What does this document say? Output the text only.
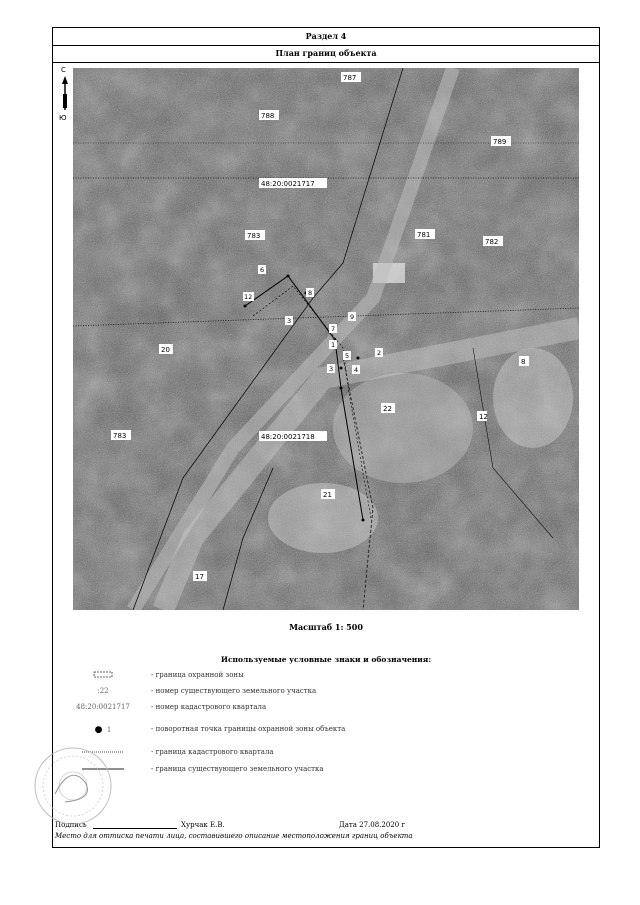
Раздел 4
План границ объекта
С
Ю
787
788
789
781
782
48:20:0021717
783
20
783	48:20:0021718
22
21
17
8
12
6
12	8
3
7
9
1
5	2
3	4
Масштаб 1: 500
Используемые условные знаки и обозначения:
- граница охранной зоны
:22	- номер существующего земельного участка
48:20:0021717	- номер кадастрового квартала
● 1	- поворотная точка границы охранной зоны объекта
- граница кадастрового квартала
- граница существующего земельного участка
Подпись	Хурчак Е.В.	Дата 27.08.2020 г
Место для оттиска печати лица, составившего описание местоположения границ объекта
